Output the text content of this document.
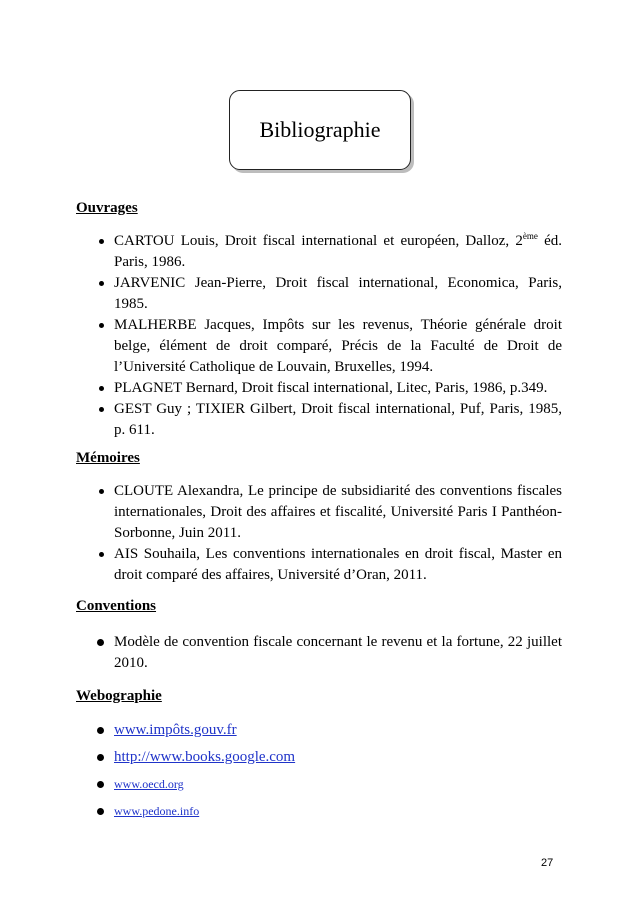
Bibliographie
Ouvrages
CARTOU Louis, Droit fiscal international et européen, Dalloz, 2ème éd. Paris, 1986.
JARVENIC Jean-Pierre, Droit fiscal international, Economica, Paris, 1985.
MALHERBE Jacques, Impôts sur les revenus, Théorie générale droit belge, élément de droit comparé, Précis de la Faculté de Droit de l’Université Catholique de Louvain, Bruxelles, 1994.
PLAGNET Bernard, Droit fiscal international, Litec, Paris, 1986, p.349.
GEST Guy ; TIXIER Gilbert, Droit fiscal international, Puf, Paris, 1985, p. 611.
Mémoires
CLOUTE Alexandra, Le principe de subsidiarité des conventions fiscales internationales, Droit des affaires et fiscalité, Université Paris I Panthéon-Sorbonne, Juin 2011.
AIS Souhaila, Les conventions internationales en droit fiscal, Master en droit comparé des affaires, Université d’Oran, 2011.
Conventions
Modèle de convention fiscale concernant le revenu et la fortune, 22 juillet 2010.
Webographie
www.impôts.gouv.fr
http://www.books.google.com
www.oecd.org
www.pedone.info
27
